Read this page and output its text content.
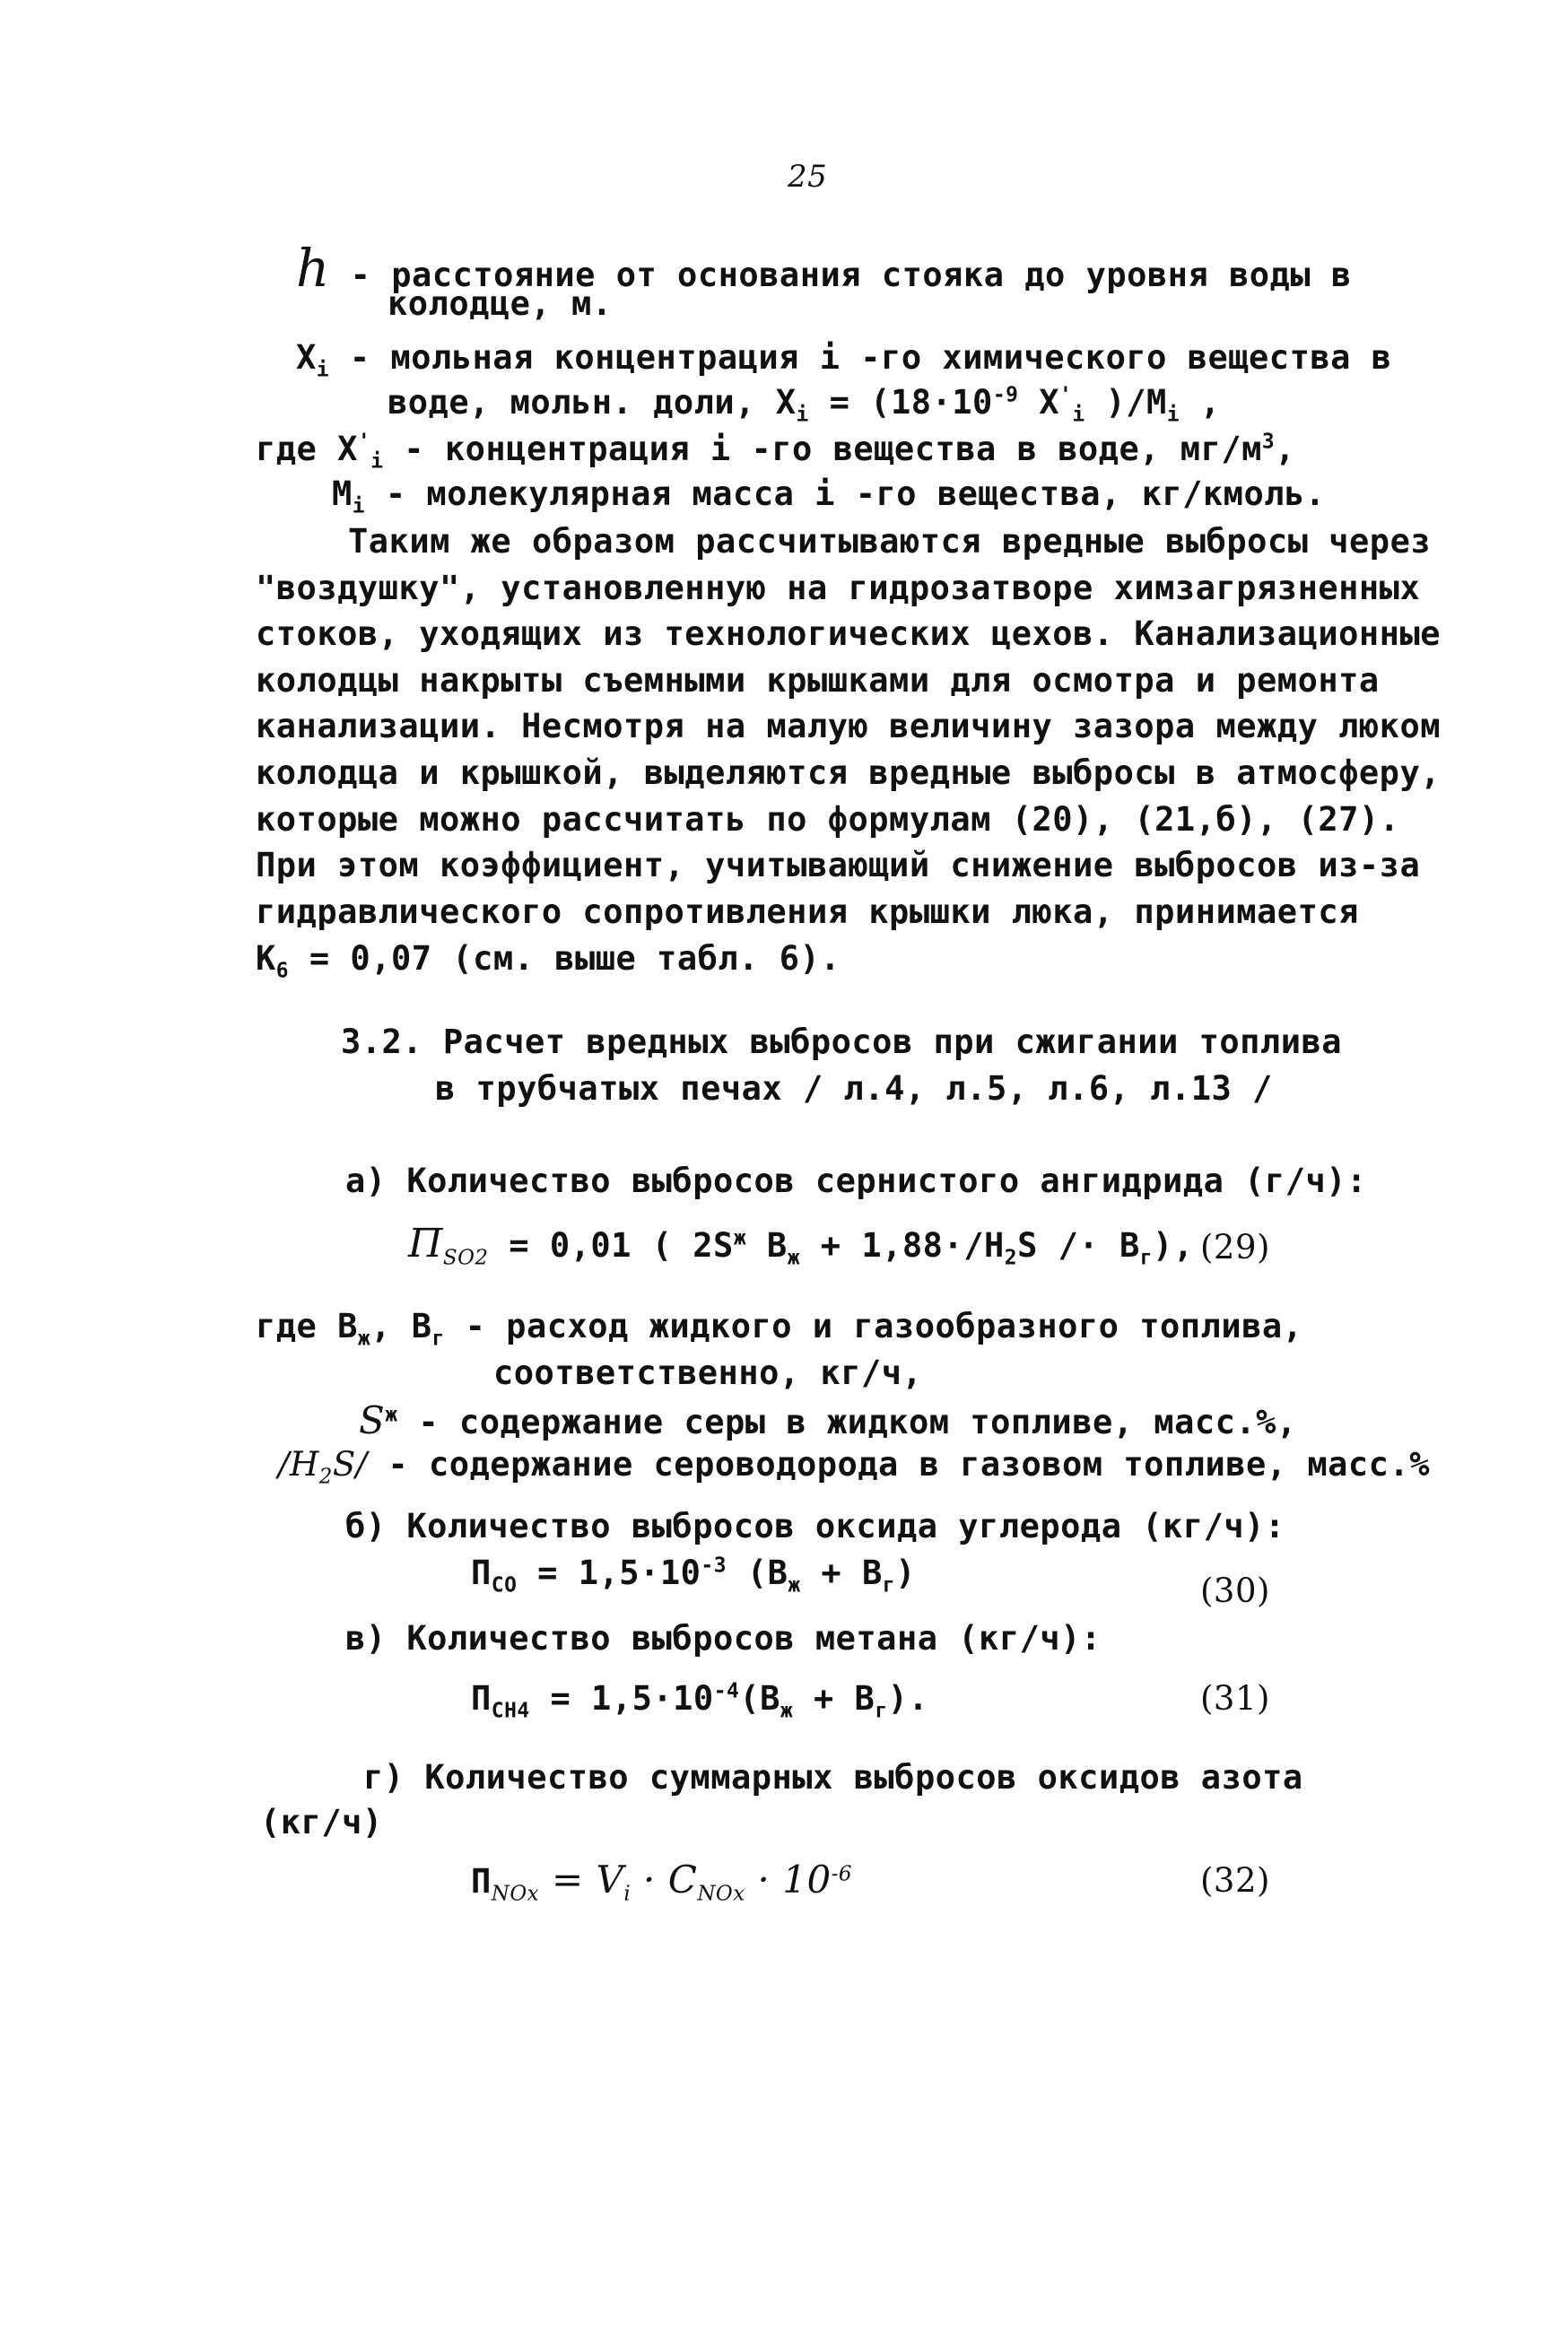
25
h - расстояние от основания стояка до уровня воды в
колодце, м.
$X_i$ - мольная концентрация i -го химического вещества в
воде, мольн. доли, $X_i = (18\cdot 10^{-9}$ $X'_i$ )$/M_i$ ,
где $X'_i$ - концентрация i -го вещества в воде, $мг/м^3$,
$M_i$ - молекулярная масса i -го вещества, кг/кмоль.
Таким же образом рассчитываются вредные выбросы через
"воздушку", установленную на гидрозатворе химзагрязненных
стоков, уходящих из технологических цехов. Канализационные
колодцы накрыты съемными крышками для осмотра и ремонта
канализации. Несмотря на малую величину зазора между люком
колодца и крышкой, выделяются вредные выбросы в атмосферу,
которые можно рассчитать по формулам (20), (21,б), (27).
При этом коэффициент, учитывающий снижение выбросов из-за
гидравлического сопротивления крышки люка, принимается
$K_6 = 0,07$ (см. выше табл. 6).
3.2. Расчет вредных выбросов при сжигании топлива
в трубчатых печах / л.4, л.5, л.6, л.13 /
а) Количество выбросов сернистого ангидрида (г/ч):
$П_{SO2} = 0,01$ ( $2S^ж$ $B_ж + 1,88\cdot/H_2S /\cdot B_г$), (29)
где $B_ж$, $B_г$ - расход жидкого и газообразного топлива,
соответственно, кг/ч,
$S^ж$ - содержание серы в жидком топливе, масс.%,
$/H_2S/$ - содержание сероводорода в газовом топливе, масс.%
б) Количество выбросов оксида углерода (кг/ч):
$П_{CO} = 1,5\cdot 10^{-3}$ $(B_ж + B_г)$	(30)
в) Количество выбросов метана (кг/ч):
$П_{CH4} = 1,5\cdot 10^{-4}(B_ж + B_г)$.	(31)
г) Количество суммарных выбросов оксидов азота
(кг/ч)
$П_{NOx} = V_i \cdot C_{NOx} \cdot 10^{-6}$	(32)
